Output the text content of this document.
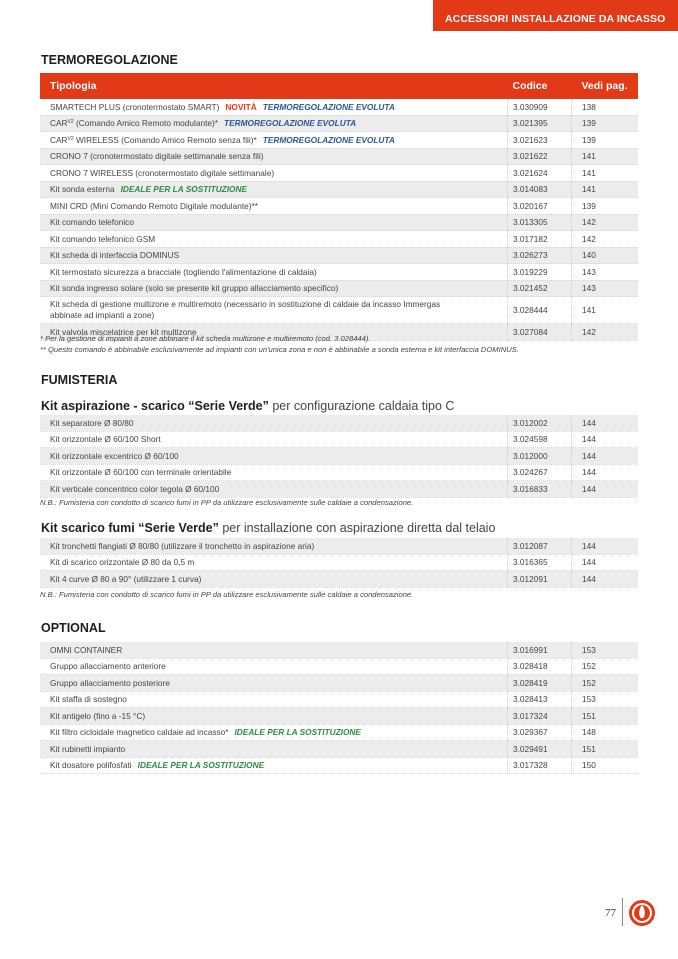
ACCESSORI INSTALLAZIONE DA INCASSO
TERMOREGOLAZIONE
Tipologia	Codice	Vedi pag.
SMARTECH PLUS (cronotermostato SMART) NOVITÀ TERMOREGOLAZIONE EVOLUTA	3.030909	138
$CAR^{V2}$ (Comando Amico Remoto modulante)* TERMOREGOLAZIONE EVOLUTA	3.021395	139
$CAR^{V2}$ WIRELESS (Comando Amico Remoto senza fili)* TERMOREGOLAZIONE EVOLUTA	3.021623	139
CRONO 7 (cronotermostato digitale settimanale senza fili)	3.021622	141
CRONO 7 WIRELESS (cronotermostato digitale settimanale)	3.021624	141
Kit sonda esterna IDEALE PER LA SOSTITUZIONE	3.014083	141
MINI CRD (Mini Comando Remoto Digitale modulante)**	3.020167	139
Kit comando telefonico	3.013305	142
Kit comando telefonico GSM	3.017182	142
Kit scheda di interfaccia DOMINUS	3.026273	140
Kit termostato sicurezza a bracciale (togliendo l'alimentazione di caldaia)	3.019229	143
Kit sonda ingresso solare (solo se presente kit gruppo allacciamento specifico)	3.021452	143
Kit scheda di gestione multizone e multiremoto (necessario in sostituzione di caldaie da incasso Immergas abbinate ad impianti a zone)	3.028444	141
Kit valvola miscelatrice per kit multizone	3.027084	142
* Per la gestione di impianti a zone abbinare il kit scheda multizone e multiremoto (cod. 3.028444).
** Questo comando è abbinabile esclusivamente ad impianti con un'unica zona e non è abbinabile a sonda esterna e kit interfaccia DOMINUS.
FUMISTERIA
Kit aspirazione - scarico “Serie Verde” per configurazione caldaia tipo C
Kit separatore Ø 80/80	3.012002	144
Kit orizzontale Ø 60/100 Short	3.024598	144
Kit orizzontale excentrico Ø 60/100	3.012000	144
Kit orizzontale Ø 60/100 con terminale orientabile	3.024267	144
Kit verticale concentrico color tegola Ø 60/100	3.016833	144
N.B.: Fumisteria con condotto di scarico fumi in PP da utilizzare esclusivamente sulle caldaie a condensazione.
Kit scarico fumi “Serie Verde” per installazione con aspirazione diretta dal telaio
Kit tronchetti flangiati Ø 80/80 (utilizzare il tronchetto in aspirazione aria)	3.012087	144
Kit di scarico orizzontale Ø 80 da 0,5 m	3.016365	144
Kit 4 curve Ø 80 a 90° (utilizzare 1 curva)	3.012091	144
N.B.: Fumisteria con condotto di scarico fumi in PP da utilizzare esclusivamente sulle caldaie a condensazione.
OPTIONAL
OMNI CONTAINER	3.016991	153
Gruppo allacciamento anteriore	3.028418	152
Gruppo allacciamento posteriore	3.028419	152
Kit staffa di sostegno	3.028413	153
Kit antigelo (fino a -15 °C)	3.017324	151
Kit filtro cicloidale magnetico caldaie ad incasso* IDEALE PER LA SOSTITUZIONE	3.029367	148
Kit rubinetti impianto	3.029491	151
Kit dosatore polifosfati IDEALE PER LA SOSTITUZIONE	3.017328	150
77
